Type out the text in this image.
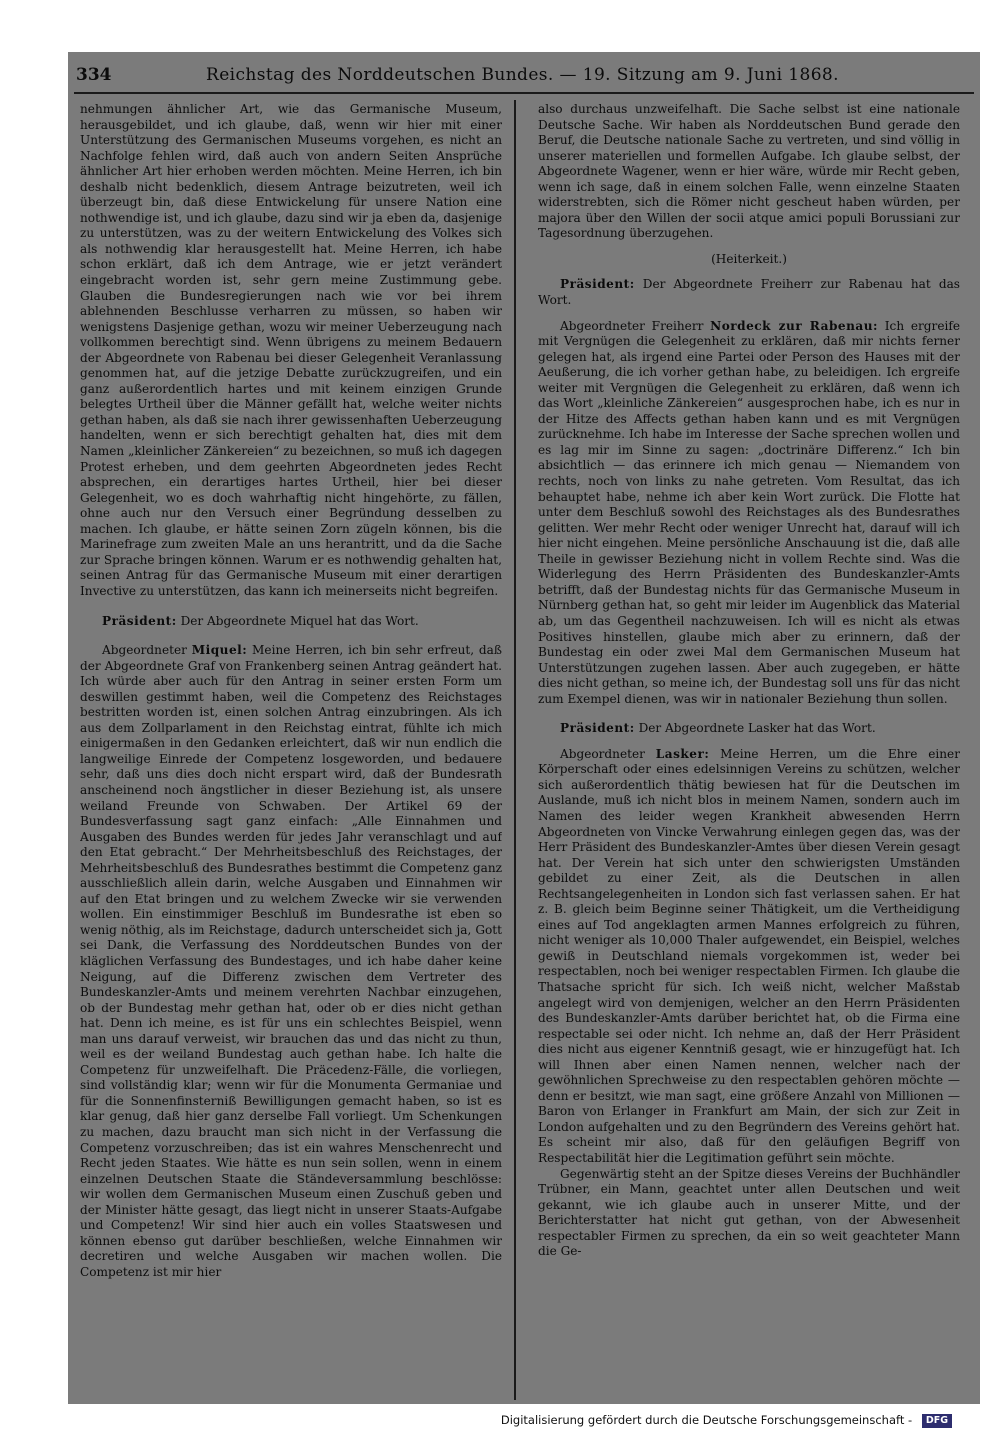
334	Reichstag des Norddeutschen Bundes. — 19. Sitzung am 9. Juni 1868.

nehmungen ähnlicher Art, wie das Germanische Museum, herausgebildet, und ich glaube, daß, wenn wir hier mit einer Unterstützung des Germanischen Museums vorgehen, es nicht an Nachfolge fehlen wird, daß auch von andern Seiten Ansprüche ähnlicher Art hier erhoben werden möchten. Meine Herren, ich bin deshalb nicht bedenklich, diesem Antrage beizutreten, weil ich überzeugt bin, daß diese Entwickelung für unsere Nation eine nothwendige ist, und ich glaube, dazu sind wir ja eben da, dasjenige zu unterstützen, was zu der weitern Entwickelung des Volkes sich als nothwendig klar herausgestellt hat. Meine Herren, ich habe schon erklärt, daß ich dem Antrage, wie er jetzt verändert eingebracht worden ist, sehr gern meine Zustimmung gebe. Glauben die Bundesregierungen nach wie vor bei ihrem ablehnenden Beschlusse verharren zu müssen, so haben wir wenigstens Dasjenige gethan, wozu wir meiner Ueberzeugung nach vollkommen berechtigt sind. Wenn übrigens zu meinem Bedauern der Abgeordnete von Rabenau bei dieser Gelegenheit Veranlassung genommen hat, auf die jetzige Debatte zurückzugreifen, und ein ganz außerordentlich hartes und mit keinem einzigen Grunde belegtes Urtheil über die Männer gefällt hat, welche weiter nichts gethan haben, als daß sie nach ihrer gewissenhaften Ueberzeugung handelten, wenn er sich berechtigt gehalten hat, dies mit dem Namen „kleinlicher Zänkereien“ zu bezeichnen, so muß ich dagegen Protest erheben, und dem geehrten Abgeordneten jedes Recht absprechen, ein derartiges hartes Urtheil, hier bei dieser Gelegenheit, wo es doch wahrhaftig nicht hingehörte, zu fällen, ohne auch nur den Versuch einer Begründung desselben zu machen. Ich glaube, er hätte seinen Zorn zügeln können, bis die Marinefrage zum zweiten Male an uns herantritt, und da die Sache zur Sprache bringen können. Warum er es nothwendig gehalten hat, seinen Antrag für das Germanische Museum mit einer derartigen Invective zu unterstützen, das kann ich meinerseits nicht begreifen.

Präsident: Der Abgeordnete Miquel hat das Wort.

Abgeordneter Miquel: Meine Herren, ich bin sehr erfreut, daß der Abgeordnete Graf von Frankenberg seinen Antrag geändert hat. Ich würde aber auch für den Antrag in seiner ersten Form um deswillen gestimmt haben, weil die Competenz des Reichstages bestritten worden ist, einen solchen Antrag einzubringen. Als ich aus dem Zollparlament in den Reichstag eintrat, fühlte ich mich einigermaßen in den Gedanken erleichtert, daß wir nun endlich die langweilige Einrede der Competenz losgeworden, und bedauere sehr, daß uns dies doch nicht erspart wird, daß der Bundesrath anscheinend noch ängstlicher in dieser Beziehung ist, als unsere weiland Freunde von Schwaben. Der Artikel 69 der Bundesverfassung sagt ganz einfach: „Alle Einnahmen und Ausgaben des Bundes werden für jedes Jahr veranschlagt und auf den Etat gebracht.“ Der Mehrheitsbeschluß des Reichstages, der Mehrheitsbeschluß des Bundesrathes bestimmt die Competenz ganz ausschließlich allein darin, welche Ausgaben und Einnahmen wir auf den Etat bringen und zu welchem Zwecke wir sie verwenden wollen. Ein einstimmiger Beschluß im Bundesrathe ist eben so wenig nöthig, als im Reichstage, dadurch unterscheidet sich ja, Gott sei Dank, die Verfassung des Norddeutschen Bundes von der kläglichen Verfassung des Bundestages, und ich habe daher keine Neigung, auf die Differenz zwischen dem Vertreter des Bundeskanzler-Amts und meinem verehrten Nachbar einzugehen, ob der Bundestag mehr gethan hat, oder ob er dies nicht gethan hat. Denn ich meine, es ist für uns ein schlechtes Beispiel, wenn man uns darauf verweist, wir brauchen das und das nicht zu thun, weil es der weiland Bundestag auch gethan habe. Ich halte die Competenz für unzweifelhaft. Die Präcedenz-Fälle, die vorliegen, sind vollständig klar; wenn wir für die Monumenta Germaniae und für die Sonnenfinsterniß Bewilligungen gemacht haben, so ist es klar genug, daß hier ganz derselbe Fall vorliegt. Um Schenkungen zu machen, dazu braucht man sich nicht in der Verfassung die Competenz vorzuschreiben; das ist ein wahres Menschenrecht und Recht jeden Staates. Wie hätte es nun sein sollen, wenn in einem einzelnen Deutschen Staate die Ständeversammlung beschlösse: wir wollen dem Germanischen Museum einen Zuschuß geben und der Minister hätte gesagt, das liegt nicht in unserer Staats-Aufgabe und Competenz! Wir sind hier auch ein volles Staatswesen und können ebenso gut darüber beschließen, welche Einnahmen wir decretiren und welche Ausgaben wir machen wollen. Die Competenz ist mir hier

also durchaus unzweifelhaft. Die Sache selbst ist eine nationale Deutsche Sache. Wir haben als Norddeutschen Bund gerade den Beruf, die Deutsche nationale Sache zu vertreten, und sind völlig in unserer materiellen und formellen Aufgabe. Ich glaube selbst, der Abgeordnete Wagener, wenn er hier wäre, würde mir Recht geben, wenn ich sage, daß in einem solchen Falle, wenn einzelne Staaten widerstrebten, sich die Römer nicht gescheut haben würden, per majora über den Willen der socii atque amici populi Borussiani zur Tagesordnung überzugehen.

(Heiterkeit.)

Präsident: Der Abgeordnete Freiherr zur Rabenau hat das Wort.

Abgeordneter Freiherr Nordeck zur Rabenau: Ich ergreife mit Vergnügen die Gelegenheit zu erklären, daß mir nichts ferner gelegen hat, als irgend eine Partei oder Person des Hauses mit der Aeußerung, die ich vorher gethan habe, zu beleidigen. Ich ergreife weiter mit Vergnügen die Gelegenheit zu erklären, daß wenn ich das Wort „kleinliche Zänkereien“ ausgesprochen habe, ich es nur in der Hitze des Affects gethan haben kann und es mit Vergnügen zurücknehme. Ich habe im Interesse der Sache sprechen wollen und es lag mir im Sinne zu sagen: „doctrinäre Differenz.“ Ich bin absichtlich — das erinnere ich mich genau — Niemandem von rechts, noch von links zu nahe getreten. Vom Resultat, das ich behauptet habe, nehme ich aber kein Wort zurück. Die Flotte hat unter dem Beschluß sowohl des Reichstages als des Bundesrathes gelitten. Wer mehr Recht oder weniger Unrecht hat, darauf will ich hier nicht eingehen. Meine persönliche Anschauung ist die, daß alle Theile in gewisser Beziehung nicht in vollem Rechte sind. Was die Widerlegung des Herrn Präsidenten des Bundeskanzler-Amts betrifft, daß der Bundestag nichts für das Germanische Museum in Nürnberg gethan hat, so geht mir leider im Augenblick das Material ab, um das Gegentheil nachzuweisen. Ich will es nicht als etwas Positives hinstellen, glaube mich aber zu erinnern, daß der Bundestag ein oder zwei Mal dem Germanischen Museum hat Unterstützungen zugehen lassen. Aber auch zugegeben, er hätte dies nicht gethan, so meine ich, der Bundestag soll uns für das nicht zum Exempel dienen, was wir in nationaler Beziehung thun sollen.

Präsident: Der Abgeordnete Lasker hat das Wort.

Abgeordneter Lasker: Meine Herren, um die Ehre einer Körperschaft oder eines edelsinnigen Vereins zu schützen, welcher sich außerordentlich thätig bewiesen hat für die Deutschen im Auslande, muß ich nicht blos in meinem Namen, sondern auch im Namen des leider wegen Krankheit abwesenden Herrn Abgeordneten von Vincke Verwahrung einlegen gegen das, was der Herr Präsident des Bundeskanzler-Amtes über diesen Verein gesagt hat. Der Verein hat sich unter den schwierigsten Umständen gebildet zu einer Zeit, als die Deutschen in allen Rechtsangelegenheiten in London sich fast verlassen sahen. Er hat z. B. gleich beim Beginne seiner Thätigkeit, um die Vertheidigung eines auf Tod angeklagten armen Mannes erfolgreich zu führen, nicht weniger als 10,000 Thaler aufgewendet, ein Beispiel, welches gewiß in Deutschland niemals vorgekommen ist, weder bei respectablen, noch bei weniger respectablen Firmen. Ich glaube die Thatsache spricht für sich. Ich weiß nicht, welcher Maßstab angelegt wird von demjenigen, welcher an den Herrn Präsidenten des Bundeskanzler-Amts darüber berichtet hat, ob die Firma eine respectable sei oder nicht. Ich nehme an, daß der Herr Präsident dies nicht aus eigener Kenntniß gesagt, wie er hinzugefügt hat. Ich will Ihnen aber einen Namen nennen, welcher nach der gewöhnlichen Sprechweise zu den respectablen gehören möchte — denn er besitzt, wie man sagt, eine größere Anzahl von Millionen — Baron von Erlanger in Frankfurt am Main, der sich zur Zeit in London aufgehalten und zu den Begründern des Vereins gehört hat. Es scheint mir also, daß für den geläufigen Begriff von Respectabilität hier die Legitimation geführt sein möchte.

Gegenwärtig steht an der Spitze dieses Vereins der Buchhändler Trübner, ein Mann, geachtet unter allen Deutschen und weit gekannt, wie ich glaube auch in unserer Mitte, und der Berichterstatter hat nicht gut gethan, von der Abwesenheit respectabler Firmen zu sprechen, da ein so weit geachteter Mann die Ge-

Digitalisierung gefördert durch die Deutsche Forschungsgemeinschaft - DFG
